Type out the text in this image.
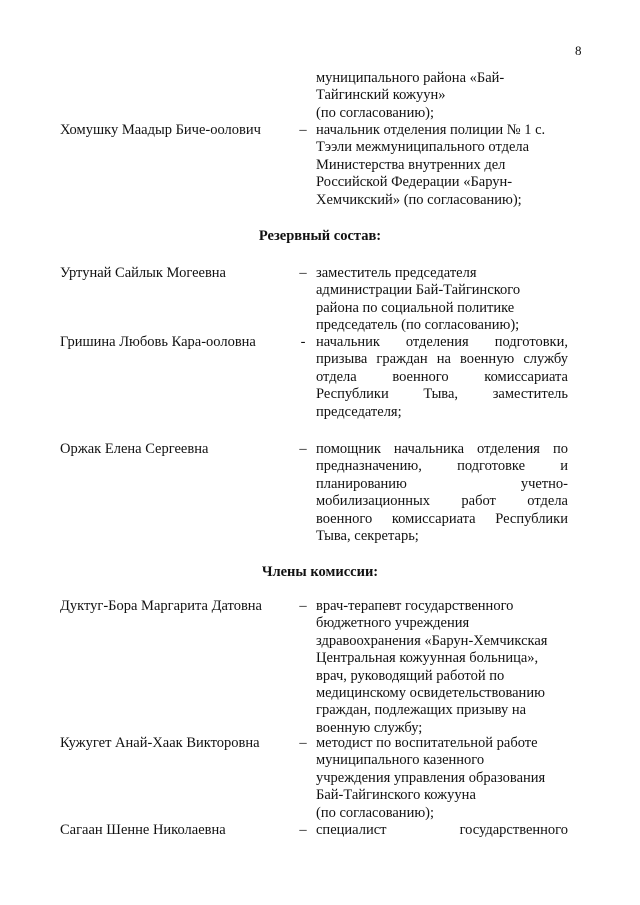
8
муниципального района «Бай-
Тайгинский кожуун»
(по согласованию);
Хомушку Маадыр Биче-оолович	– начальник отделения полиции № 1 с.
Тээли межмуниципального отдела
Министерства внутренних дел
Российской Федерации «Барун-
Хемчикский» (по согласованию);
Резервный состав:
Уртунай Сайлык Могеевна	– заместитель председателя
администрации Бай-Тайгинского
района по социальной политике
председатель (по согласованию);
Гришина Любовь Кара-ооловна	- начальник отделения подготовки,
призыва граждан на военную службу
отдела военного комиссариата
Республики Тыва, заместитель
председателя;
Оржак Елена Сергеевна	– помощник начальника отделения по
предназначению, подготовке и
планированию учетно-
мобилизационных работ отдела
военного комиссариата Республики
Тыва, секретарь;
Члены комиссии:
Дуктуг-Бора Маргарита Датовна	– врач-терапевт государственного
бюджетного учреждения
здравоохранения «Барун-Хемчикская
Центральная кожуунная больница»,
врач, руководящий работой по
медицинскому освидетельствованию
граждан, подлежащих призыву на
военную службу;
Кужугет Анай-Хаак Викторовна	– методист по воспитательной работе
муниципального казенного
учреждения управления образования
Бай-Тайгинского кожууна
(по согласованию);
Сагаан Шенне Николаевна	– специалист государственного
